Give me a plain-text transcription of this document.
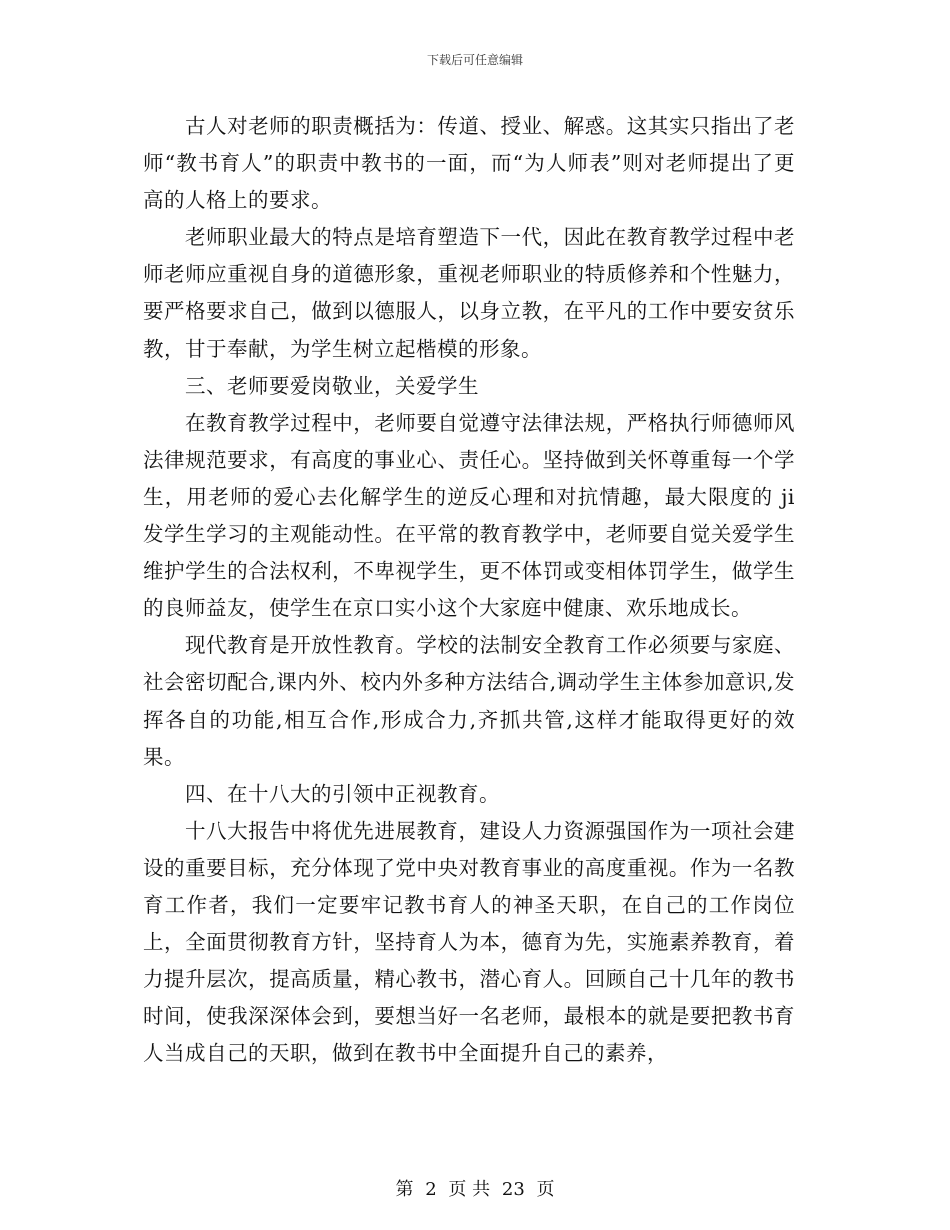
下载后可任意编辑

古人对老师的职责概括为：传道、授业、解惑。这其实只指出了老师“教书育人”的职责中教书的一面，而“为人师表”则对老师提出了更高的人格上的要求。

老师职业最大的特点是培育塑造下一代，因此在教育教学过程中老师老师应重视自身的道德形象，重视老师职业的特质修养和个性魅力，要严格要求自己，做到以德服人，以身立教，在平凡的工作中要安贫乐教，甘于奉献，为学生树立起楷模的形象。

三、老师要爱岗敬业，关爱学生

在教育教学过程中，老师要自觉遵守法律法规，严格执行师德师风法律规范要求，有高度的事业心、责任心。坚持做到关怀尊重每一个学生，用老师的爱心去化解学生的逆反心理和对抗情趣，最大限度的 ji 发学生学习的主观能动性。在平常的教育教学中，老师要自觉关爱学生维护学生的合法权利，不卑视学生，更不体罚或变相体罚学生，做学生的良师益友，使学生在京口实小这个大家庭中健康、欢乐地成长。

现代教育是开放性教育。学校的法制安全教育工作必须要与家庭、社会密切配合,课内外、校内外多种方法结合,调动学生主体参加意识,发挥各自的功能,相互合作,形成合力,齐抓共管,这样才能取得更好的效果。

四、在十八大的引领中正视教育。

十八大报告中将优先进展教育，建设人力资源强国作为一项社会建设的重要目标，充分体现了党中央对教育事业的高度重视。作为一名教育工作者，我们一定要牢记教书育人的神圣天职，在自己的工作岗位上，全面贯彻教育方针，坚持育人为本，德育为先，实施素养教育，着力提升层次，提高质量，精心教书，潜心育人。回顾自己十几年的教书时间，使我深深体会到，要想当好一名老师，最根本的就是要把教书育人当成自己的天职，做到在教书中全面提升自己的素养，

第 2 页 共 23 页
